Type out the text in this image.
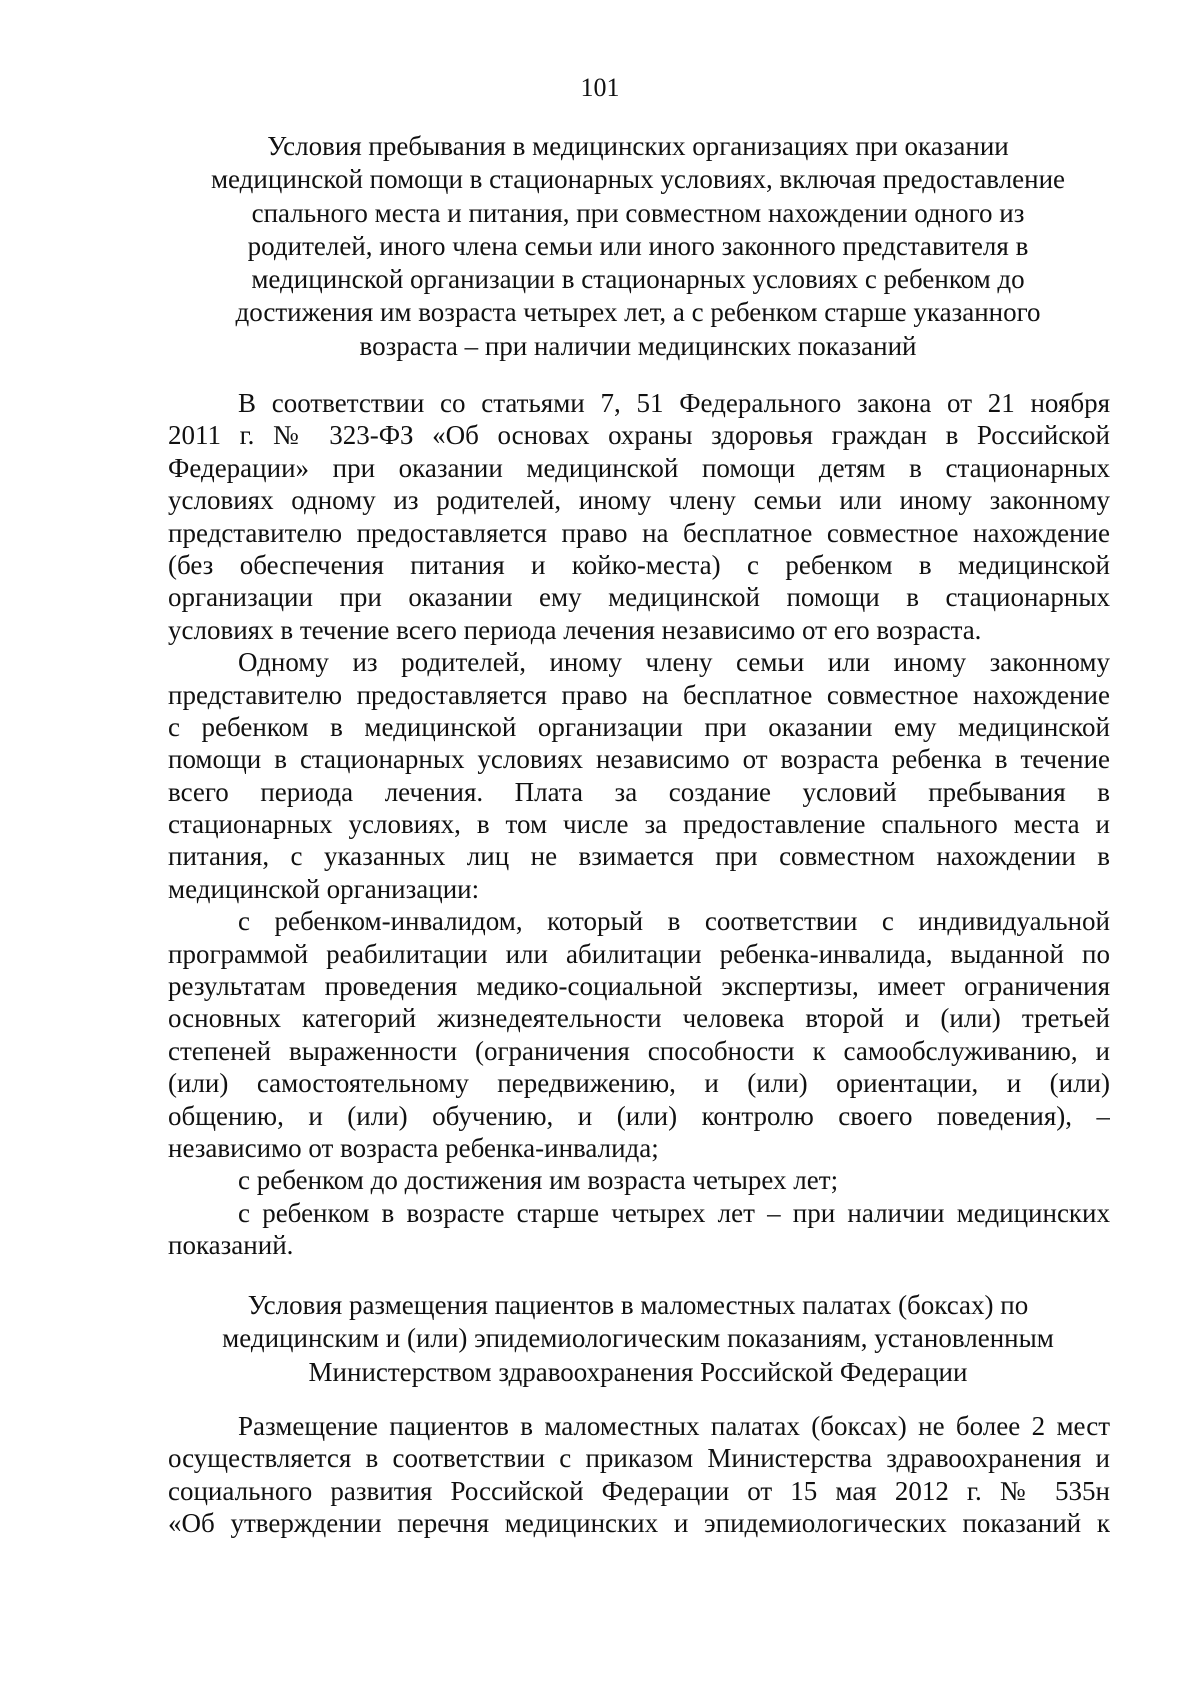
101
Условия пребывания в медицинских организациях при оказании
медицинской помощи в стационарных условиях, включая предоставление
спального места и питания, при совместном нахождении одного из
родителей, иного члена семьи или иного законного представителя в
медицинской организации в стационарных условиях с ребенком до
достижения им возраста четырех лет, а с ребенком старше указанного
возраста – при наличии медицинских показаний
В соответствии со статьями 7, 51 Федерального закона от 21 ноября
2011 г. № 323-ФЗ «Об основах охраны здоровья граждан в Российской
Федерации» при оказании медицинской помощи детям в стационарных
условиях одному из родителей, иному члену семьи или иному законному
представителю предоставляется право на бесплатное совместное нахождение
(без обеспечения питания и койко-места) с ребенком в медицинской
организации при оказании ему медицинской помощи в стационарных
условиях в течение всего периода лечения независимо от его возраста.
Одному из родителей, иному члену семьи или иному законному
представителю предоставляется право на бесплатное совместное нахождение
с ребенком в медицинской организации при оказании ему медицинской
помощи в стационарных условиях независимо от возраста ребенка в течение
всего периода лечения. Плата за создание условий пребывания в
стационарных условиях, в том числе за предоставление спального места и
питания, с указанных лиц не взимается при совместном нахождении в
медицинской организации:
с ребенком-инвалидом, который в соответствии с индивидуальной
программой реабилитации или абилитации ребенка-инвалида, выданной по
результатам проведения медико-социальной экспертизы, имеет ограничения
основных категорий жизнедеятельности человека второй и (или) третьей
степеней выраженности (ограничения способности к самообслуживанию, и
(или) самостоятельному передвижению, и (или) ориентации, и (или)
общению, и (или) обучению, и (или) контролю своего поведения), –
независимо от возраста ребенка-инвалида;
с ребенком до достижения им возраста четырех лет;
с ребенком в возрасте старше четырех лет – при наличии медицинских
показаний.
Условия размещения пациентов в маломестных палатах (боксах) по
медицинским и (или) эпидемиологическим показаниям, установленным
Министерством здравоохранения Российской Федерации
Размещение пациентов в маломестных палатах (боксах) не более 2 мест
осуществляется в соответствии с приказом Министерства здравоохранения и
социального развития Российской Федерации от 15 мая 2012 г. № 535н
«Об утверждении перечня медицинских и эпидемиологических показаний к
